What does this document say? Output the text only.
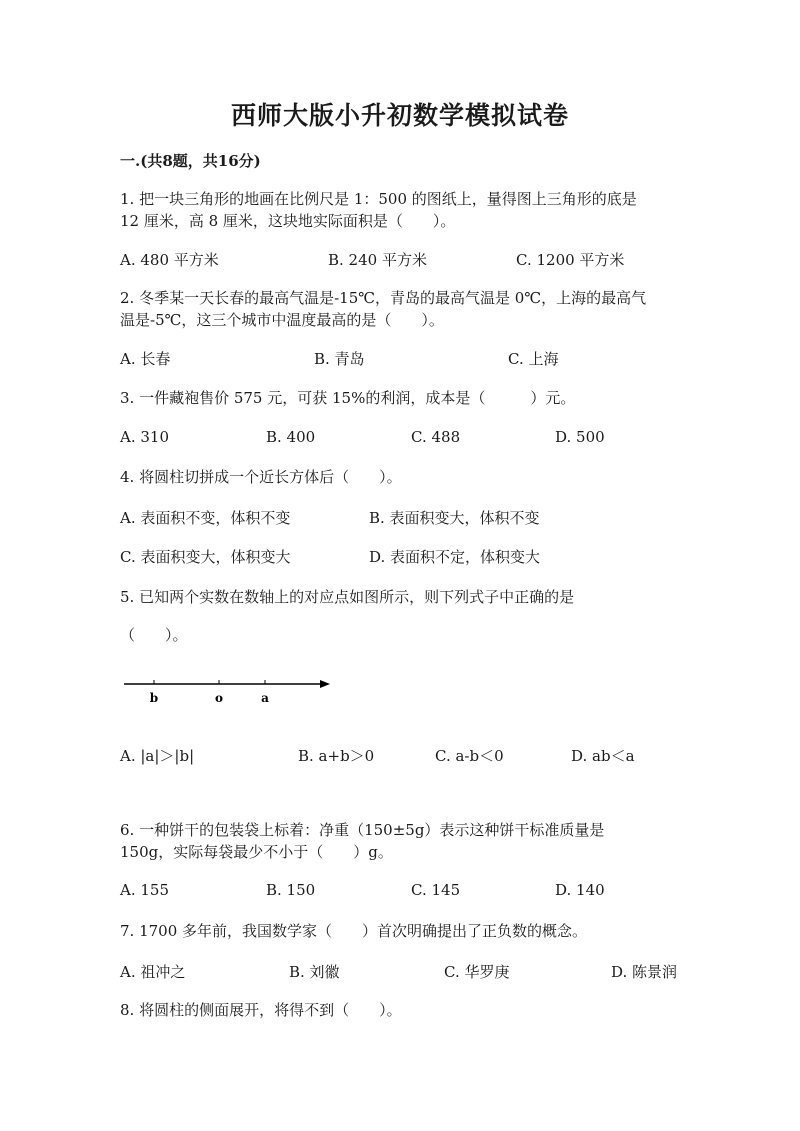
西师大版小升初数学模拟试卷
一.(共8题，共16分)
1. 把一块三角形的地画在比例尺是 1：500 的图纸上，量得图上三角形的底是
12 厘米，高 8 厘米，这块地实际面积是（　　）。
A. 480 平方米	B. 240 平方米	C. 1200 平方米
2. 冬季某一天长春的最高气温是-15℃，青岛的最高气温是 0℃，上海的最高气
温是-5℃，这三个城市中温度最高的是（　　）。
A. 长春	B. 青岛	C. 上海
3. 一件藏袍售价 575 元，可获 15%的利润，成本是（　　　）元。
A. 310	B. 400	C. 488	D. 500
4. 将圆柱切拼成一个近长方体后（　　）。
A. 表面积不变，体积不变	B. 表面积变大，体积不变
C. 表面积变大，体积变大	D. 表面积不定，体积变大
5. 已知两个实数在数轴上的对应点如图所示，则下列式子中正确的是
（　　）。
b	o	a
A. |a|＞|b|	B. a+b＞0	C. a-b＜0	D. ab＜a
6. 一种饼干的包装袋上标着：净重（150±5g）表示这种饼干标准质量是
150g，实际每袋最少不小于（　　）g。
A. 155	B. 150	C. 145	D. 140
7. 1700 多年前，我国数学家（　　）首次明确提出了正负数的概念。
A. 祖冲之	B. 刘徽	C. 华罗庚	D. 陈景润
8. 将圆柱的侧面展开，将得不到（　　）。
